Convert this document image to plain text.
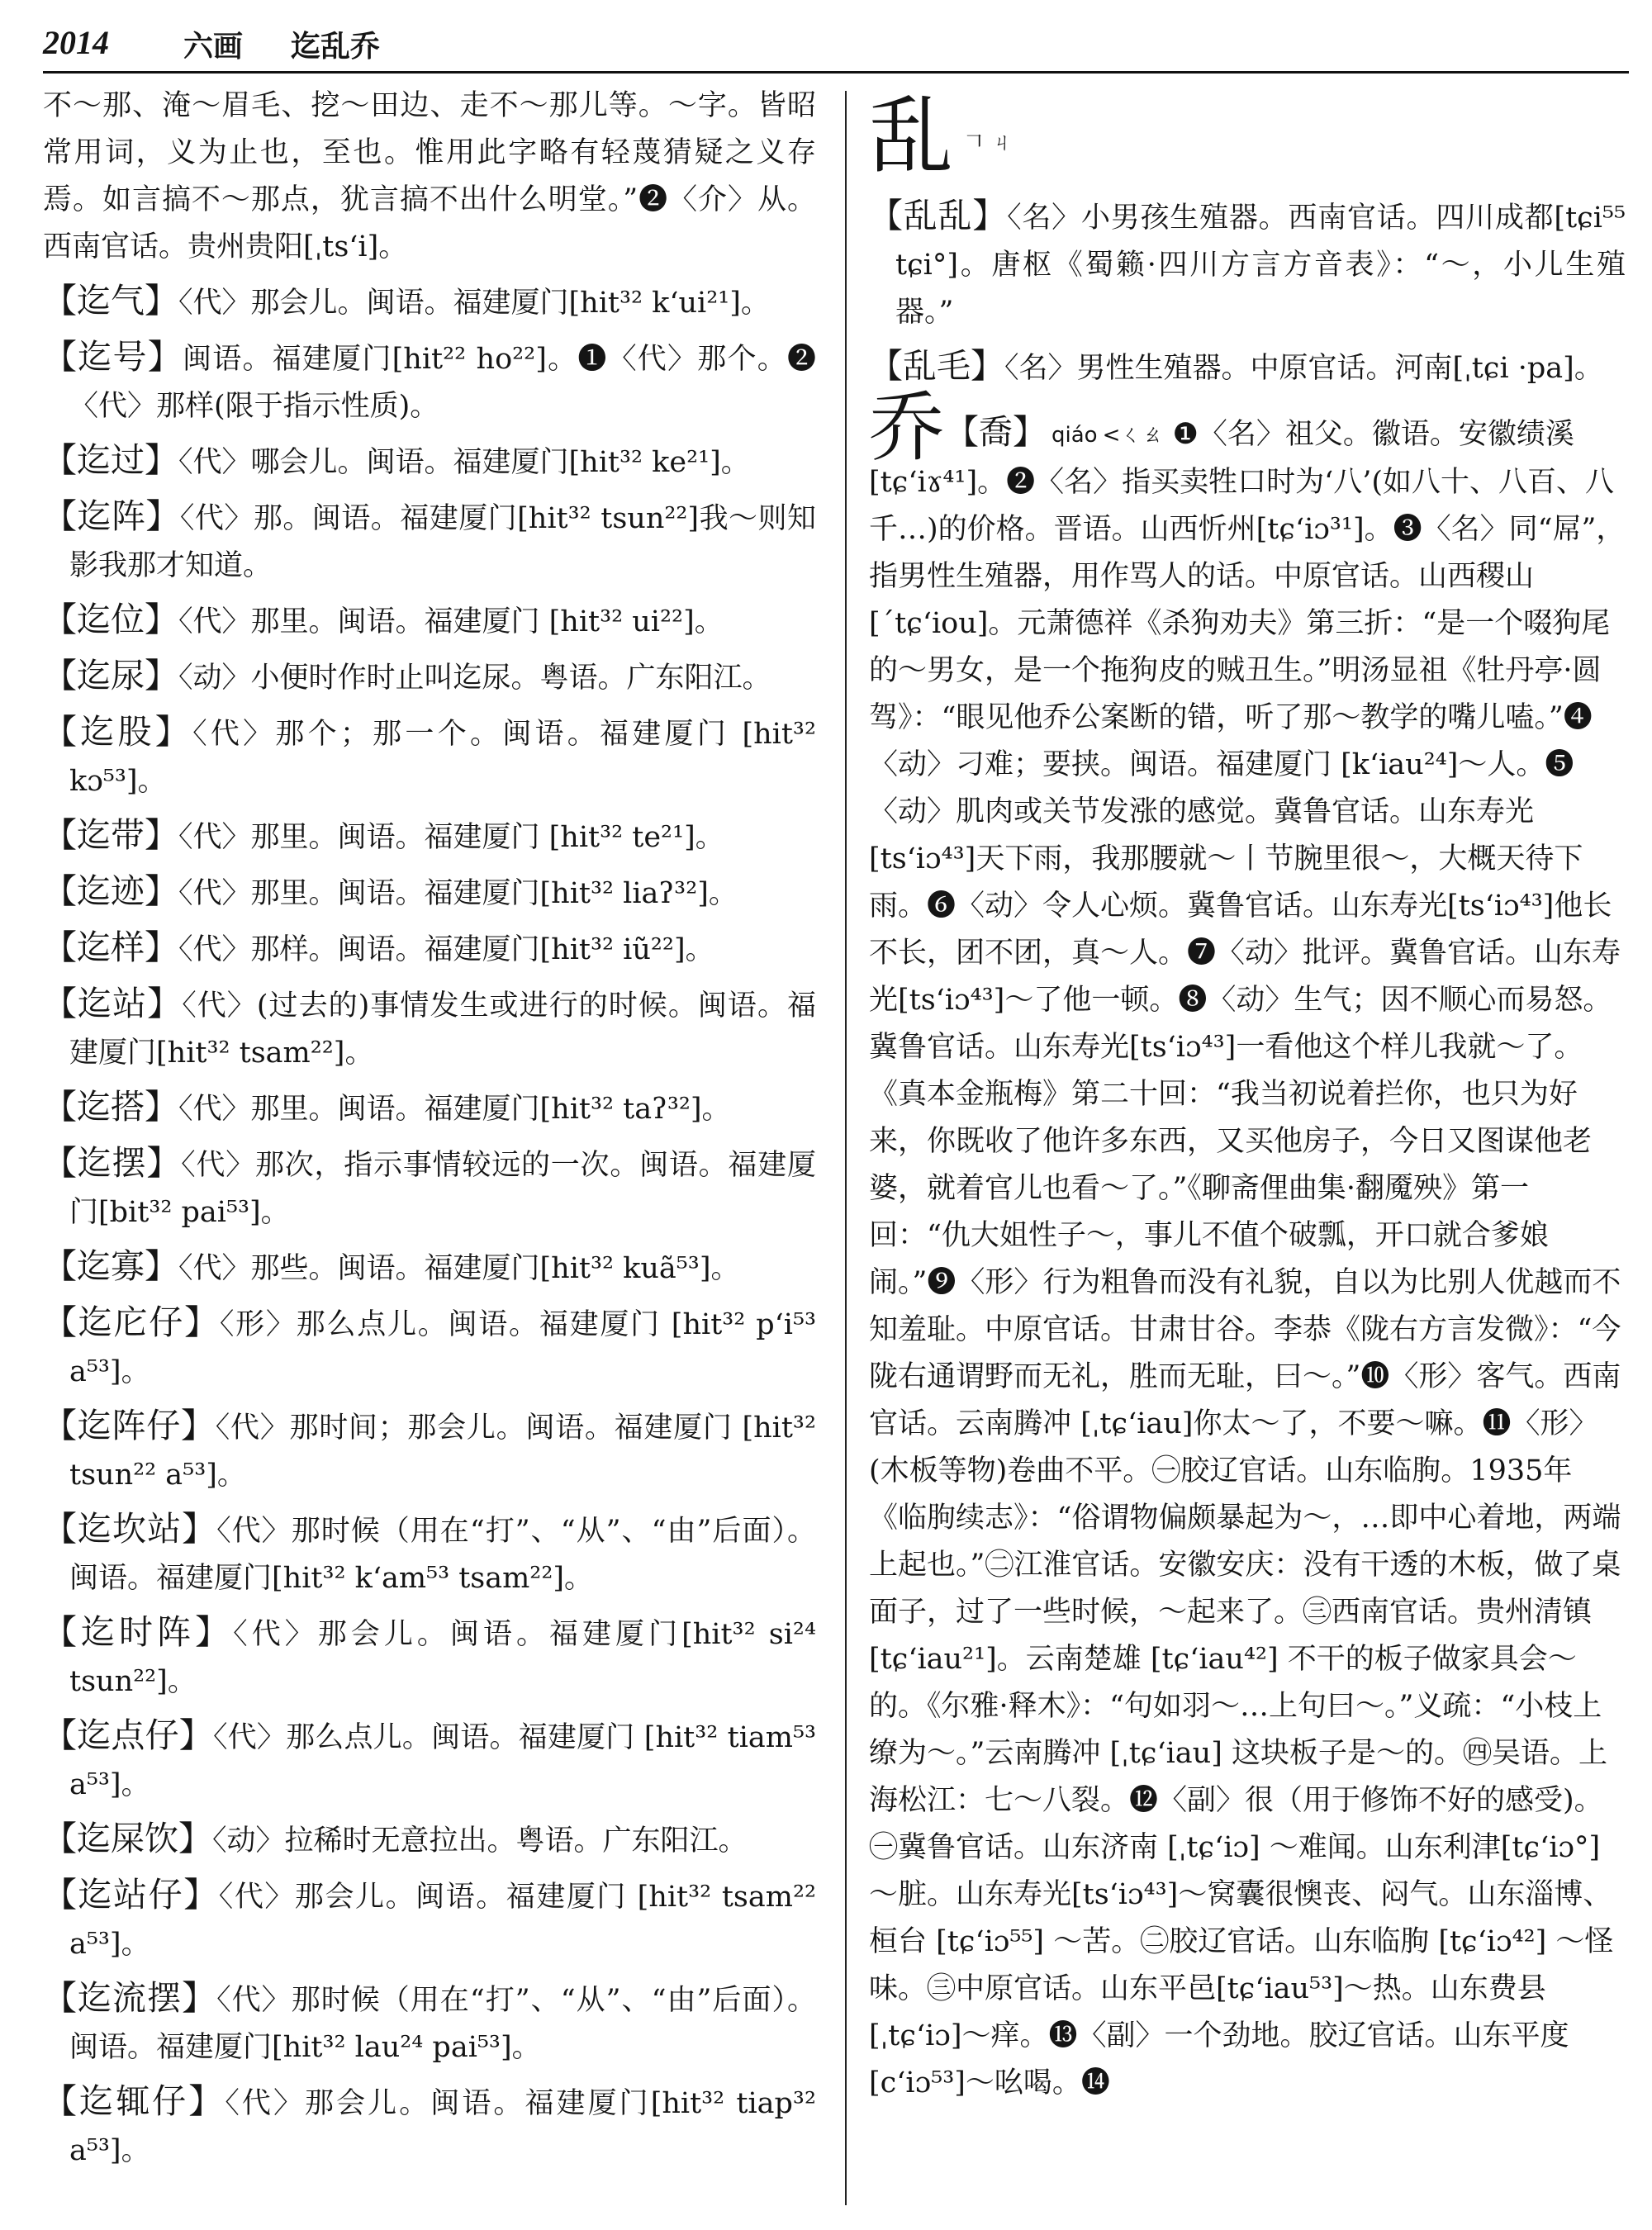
2014	六画 迄乱乔

不～那、淹～眉毛、挖～田边、走不～那儿等。～字。皆昭常用词，义为止也，至也。惟用此字略有轻蔑猜疑之义存焉。如言搞不～那点，犹言搞不出什么明堂。”❷〈介〉从。西南官话。贵州贵阳[ˌtsʻi]。

【迄气】〈代〉那会儿。闽语。福建厦门[hit³² kʻui²¹]。

【迄号】闽语。福建厦门[hit²² ho²²]。❶〈代〉那个。❷〈代〉那样(限于指示性质)。

【迄过】〈代〉哪会儿。闽语。福建厦门[hit³² ke²¹]。

【迄阵】〈代〉那。闽语。福建厦门[hit³² tsun²²]我～则知影我那才知道。

【迄位】〈代〉那里。闽语。福建厦门 [hit³² ui²²]。

【迄尿】〈动〉小便时作时止叫迄尿。粤语。广东阳江。

【迄股】〈代〉那个；那一个。闽语。福建厦门 [hit³² kɔ⁵³]。

【迄带】〈代〉那里。闽语。福建厦门 [hit³² te²¹]。

【迄迹】〈代〉那里。闽语。福建厦门[hit³² liaʔ³²]。

【迄样】〈代〉那样。闽语。福建厦门[hit³² iũ²²]。

【迄站】〈代〉(过去的)事情发生或进行的时候。闽语。福建厦门[hit³² tsam²²]。

【迄搭】〈代〉那里。闽语。福建厦门[hit³² taʔ³²]。

【迄摆】〈代〉那次，指示事情较远的一次。闽语。福建厦门[bit³² pai⁵³]。

【迄寡】〈代〉那些。闽语。福建厦门[hit³² kuã⁵³]。

【迄庀仔】〈形〉那么点儿。闽语。福建厦门 [hit³² pʻi⁵³ a⁵³]。

【迄阵仔】〈代〉那时间；那会儿。闽语。福建厦门 [hit³² tsun²² a⁵³]。

【迄坎站】〈代〉那时候（用在“打”、“从”、“由”后面）。闽语。福建厦门[hit³² kʻam⁵³ tsam²²]。

【迄时阵】〈代〉那会儿。闽语。福建厦门[hit³² si²⁴ tsun²²]。

【迄点仔】〈代〉那么点儿。闽语。福建厦门 [hit³² tiam⁵³ a⁵³]。

【迄屎饮】〈动〉拉稀时无意拉出。粤语。广东阳江。

【迄站仔】〈代〉那会儿。闽语。福建厦门 [hit³² tsam²² a⁵³]。

【迄流摆】〈代〉那时候（用在“打”、“从”、“由”后面）。闽语。福建厦门[hit³² lau²⁴ pai⁵³]。

【迄辄仔】〈代〉那会儿。闽语。福建厦门[hit³² tiap³² a⁵³]。

乱𠃍 ㄐ

【乱乱】〈名〉小男孩生殖器。西南官话。四川成都[tɕi⁵⁵ tɕi°]。唐枢《蜀籁·四川方言方音表》：“～，小儿生殖器。”

【乱毛】〈名〉男性生殖器。中原官话。河南[ˌtɕi ·pa]。

乔【喬】 qiáo <ㄑㄠ ❶〈名〉祖父。徽语。安徽绩溪[tɕʻiɤ⁴¹]。❷〈名〉指买卖牲口时为‘八’(如八十、八百、八千…)的价格。晋语。山西忻州[tɕʻiɔ³¹]。❸〈名〉同“屌”，指男性生殖器，用作骂人的话。中原官话。山西稷山 [ˊtɕʻiou]。元萧德祥《杀狗劝夫》第三折：“是一个啜狗尾的～男女，是一个拖狗皮的贼丑生。”明汤显祖《牡丹亭·圆驾》：“眼见他乔公案断的错，听了那～教学的嘴儿嗑。”❹〈动〉刁难；要挟。闽语。福建厦门 [kʻiau²⁴]～人。❺〈动〉肌肉或关节发涨的感觉。冀鲁官话。山东寿光[tsʻiɔ⁴³]天下雨，我那腰就～丨节腕里很～，大概天待下雨。❻〈动〉令人心烦。冀鲁官话。山东寿光[tsʻiɔ⁴³]他长不长，团不团，真～人。❼〈动〉批评。冀鲁官话。山东寿光[tsʻiɔ⁴³]～了他一顿。❽〈动〉生气；因不顺心而易怒。冀鲁官话。山东寿光[tsʻiɔ⁴³]一看他这个样儿我就～了。《真本金瓶梅》第二十回：“我当初说着拦你，也只为好来，你既收了他许多东西，又买他房子，今日又图谋他老婆，就着官儿也看～了。”《聊斋俚曲集·翻魇殃》第一回：“仇大姐性子～，事儿不值个破瓢，开口就合爹娘闹。”❾〈形〉行为粗鲁而没有礼貌，自以为比别人优越而不知羞耻。中原官话。甘肃甘谷。李恭《陇右方言发微》：“今陇右通谓野而无礼，胜而无耻，曰～。”❿〈形〉客气。西南官话。云南腾冲 [ˌtɕʻiau]你太～了，不要～嘛。⓫〈形〉(木板等物)卷曲不平。㊀胶辽官话。山东临朐。1935年《临朐续志》：“俗谓物偏颇暴起为～，…即中心着地，两端上起也。”㊁江淮官话。安徽安庆：没有干透的木板，做了桌面子，过了一些时候，～起来了。㊂西南官话。贵州清镇[tɕʻiau²¹]。云南楚雄 [tɕʻiau⁴²] 不干的板子做家具会～的。《尔雅·释木》：“句如羽～…上句曰～。”义疏：“小枝上缭为～。”云南腾冲 [ˌtɕʻiau] 这块板子是～的。㊃吴语。上海松江：七～八裂。⓬〈副〉很（用于修饰不好的感受)。㊀冀鲁官话。山东济南 [ˌtɕʻiɔ] ～难闻。山东利津[tɕʻiɔ°]～脏。山东寿光[tsʻiɔ⁴³]～窝囊很懊丧、闷气。山东淄博、桓台 [tɕʻiɔ⁵⁵] ～苦。㊁胶辽官话。山东临朐 [tɕʻiɔ⁴²] ～怪味。㊂中原官话。山东平邑[tɕʻiau⁵³]～热。山东费县[ˌtɕʻiɔ]～痒。⓭〈副〉一个劲地。胶辽官话。山东平度 [cʻiɔ⁵³]～吆喝。⓮
